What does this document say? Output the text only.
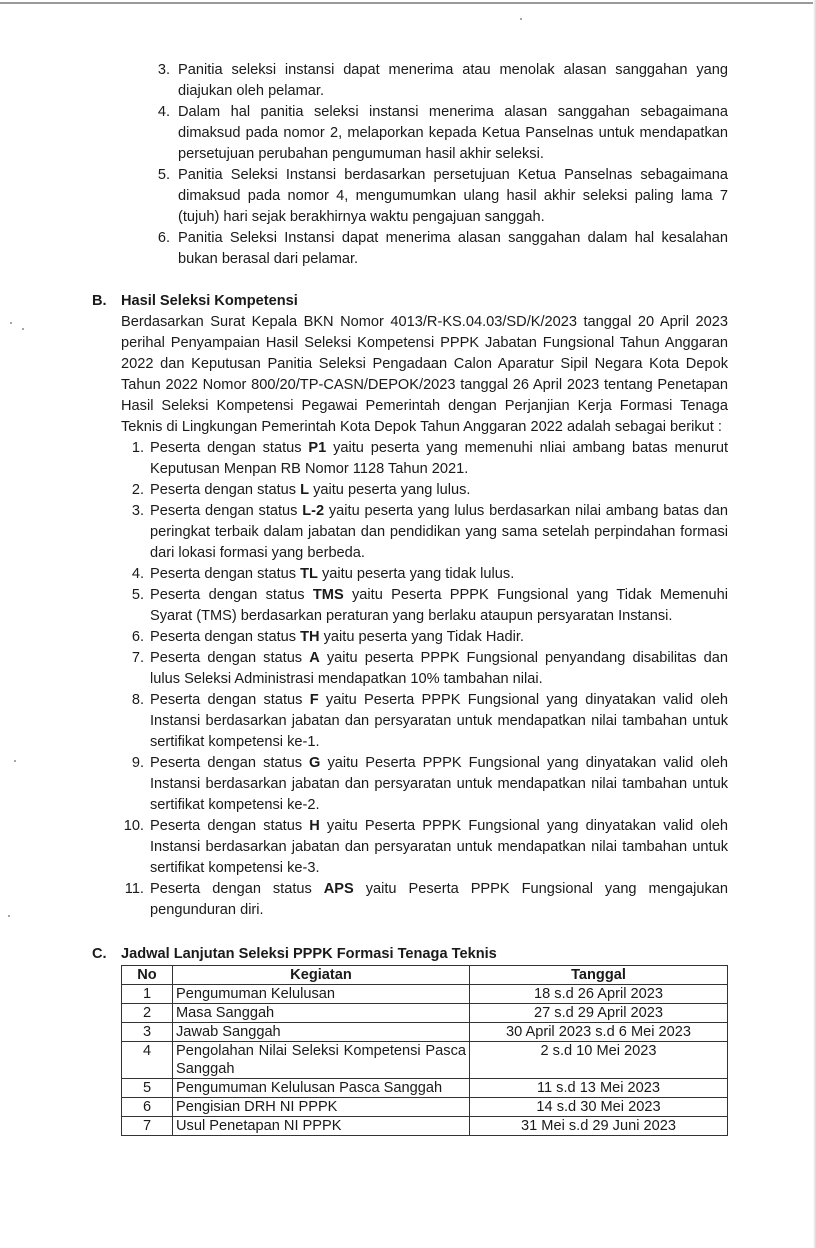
3. Panitia seleksi instansi dapat menerima atau menolak alasan sanggahan yang diajukan oleh pelamar.
4. Dalam hal panitia seleksi instansi menerima alasan sanggahan sebagaimana dimaksud pada nomor 2, melaporkan kepada Ketua Panselnas untuk mendapatkan persetujuan perubahan pengumuman hasil akhir seleksi.
5. Panitia Seleksi Instansi berdasarkan persetujuan Ketua Panselnas sebagaimana dimaksud pada nomor 4, mengumumkan ulang hasil akhir seleksi paling lama 7 (tujuh) hari sejak berakhirnya waktu pengajuan sanggah.
6. Panitia Seleksi Instansi dapat menerima alasan sanggahan dalam hal kesalahan bukan berasal dari pelamar.
B. Hasil Seleksi Kompetensi
Berdasarkan Surat Kepala BKN Nomor 4013/R-KS.04.03/SD/K/2023 tanggal 20 April 2023 perihal Penyampaian Hasil Seleksi Kompetensi PPPK Jabatan Fungsional Tahun Anggaran 2022 dan Keputusan Panitia Seleksi Pengadaan Calon Aparatur Sipil Negara Kota Depok Tahun 2022 Nomor 800/20/TP-CASN/DEPOK/2023 tanggal 26 April 2023 tentang Penetapan Hasil Seleksi Kompetensi Pegawai Pemerintah dengan Perjanjian Kerja Formasi Tenaga Teknis di Lingkungan Pemerintah Kota Depok Tahun Anggaran 2022 adalah sebagai berikut :
1. Peserta dengan status P1 yaitu peserta yang memenuhi nliai ambang batas menurut Keputusan Menpan RB Nomor 1128 Tahun 2021.
2. Peserta dengan status L yaitu peserta yang lulus.
3. Peserta dengan status L-2 yaitu peserta yang lulus berdasarkan nilai ambang batas dan peringkat terbaik dalam jabatan dan pendidikan yang sama setelah perpindahan formasi dari lokasi formasi yang berbeda.
4. Peserta dengan status TL yaitu peserta yang tidak lulus.
5. Peserta dengan status TMS yaitu Peserta PPPK Fungsional yang Tidak Memenuhi Syarat (TMS) berdasarkan peraturan yang berlaku ataupun persyaratan Instansi.
6. Peserta dengan status TH yaitu peserta yang Tidak Hadir.
7. Peserta dengan status A yaitu peserta PPPK Fungsional penyandang disabilitas dan lulus Seleksi Administrasi mendapatkan 10% tambahan nilai.
8. Peserta dengan status F yaitu Peserta PPPK Fungsional yang dinyatakan valid oleh Instansi berdasarkan jabatan dan persyaratan untuk mendapatkan nilai tambahan untuk sertifikat kompetensi ke-1.
9. Peserta dengan status G yaitu Peserta PPPK Fungsional yang dinyatakan valid oleh Instansi berdasarkan jabatan dan persyaratan untuk mendapatkan nilai tambahan untuk sertifikat kompetensi ke-2.
10. Peserta dengan status H yaitu Peserta PPPK Fungsional yang dinyatakan valid oleh Instansi berdasarkan jabatan dan persyaratan untuk mendapatkan nilai tambahan untuk sertifikat kompetensi ke-3.
11. Peserta dengan status APS yaitu Peserta PPPK Fungsional yang mengajukan pengunduran diri.
C. Jadwal Lanjutan Seleksi PPPK Formasi Tenaga Teknis
No	Kegiatan	Tanggal
1	Pengumuman Kelulusan	18 s.d 26 April 2023
2	Masa Sanggah	27 s.d 29 April 2023
3	Jawab Sanggah	30 April 2023 s.d 6 Mei 2023
4	Pengolahan Nilai Seleksi Kompetensi Pasca Sanggah	2 s.d 10 Mei 2023
5	Pengumuman Kelulusan Pasca Sanggah	11 s.d 13 Mei 2023
6	Pengisian DRH NI PPPK	14 s.d 30 Mei 2023
7	Usul Penetapan NI PPPK	31 Mei s.d 29 Juni 2023
